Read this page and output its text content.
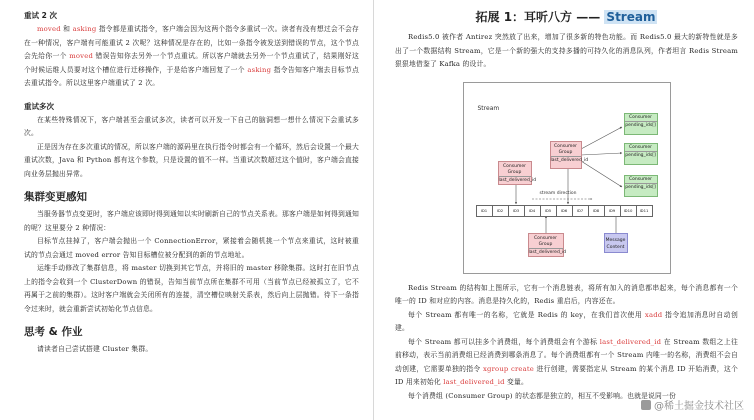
重试 2 次
moved 和 asking 指令都是重试指令，客户端会因为这两个指令多重试一次。读者有没有想过会不会存在一种情况，客户端有可能重试 2 次呢？这种情况是存在的，比如一条指令被发送到错误的节点，这个节点会先给你一个 moved 错误告知你去另外一个节点重试。所以客户端就去另外一个节点重试了，结果刚好这个时候运维人员要对这个槽位进行迁移操作，于是给客户端回复了一个 asking 指令告知客户端去目标节点去重试指令。所以这里客户端重试了 2 次。
重试多次
在某些特殊情况下，客户端甚至会重试多次，读者可以开发一下自己的脑洞想一想什么情况下会重试多次。
正是因为存在多次重试的情况，所以客户端的源码里在执行指令时都会有一个循环，然后会设置一个最大重试次数，Java 和 Python 都有这个参数，只是设置的值不一样。当重试次数超过这个值时，客户端会直接向业务层抛出异常。
集群变更感知
当服务器节点变更时，客户端应该即时得到通知以实时刷新自己的节点关系表。那客户端是如何得到通知的呢？这里要分 2 种情况：
目标节点挂掉了，客户端会抛出一个 ConnectionError，紧接着会随机挑一个节点来重试，这时被重试的节点会通过 moved error 告知目标槽位被分配到的新的节点地址。
运维手动修改了集群信息，将 master 切换到其它节点，并将旧的 master 移除集群。这时打在旧节点上的指令会收到一个 ClusterDown 的错误，告知当前节点所在集群不可用（当前节点已经被孤立了，它不再属于之前的集群）。这时客户端就会关闭所有的连接，清空槽位映射关系表，然后向上层抛错。待下一条指令过来时，就会重新尝试初始化节点信息。
思考 & 作业
请读者自己尝试搭建 Cluster 集群。
拓展 1：耳听八方 —— Stream
Redis5.0 被作者 Antirez 突然放了出来，增加了很多新的特色功能。而 Redis5.0 最大的新特性就是多出了一个数据结构 Stream，它是一个新的强大的支持多播的可持久化的消息队列，作者坦言 Redis Stream 狠狠地借鉴了 Kafka 的设计。
Stream
Consumer Group
last_delivered_id
Consumer Group
last_delivered_id
Consumer Group
last_delivered_id
Consumer
pending_ids[]
Consumer
pending_ids[]
Consumer
pending_ids[]
stream direction
ID1	ID2	ID3	ID4	ID5	ID6	ID7	ID8	ID9	ID10	ID11
Message Content
Redis Stream 的结构如上图所示，它有一个消息链表，将所有加入的消息都串起来，每个消息都有一个唯一的 ID 和对应的内容。消息是持久化的，Redis 重启后，内容还在。
每个 Stream 都有唯一的名称，它就是 Redis 的 key，在我们首次使用 xadd 指令追加消息时自动创建。
每个 Stream 都可以挂多个消费组，每个消费组会有个游标 last_delivered_id 在 Stream 数组之上往前移动，表示当前消费组已经消费到哪条消息了。每个消费组都有一个 Stream 内唯一的名称，消费组不会自动创建，它需要单独的指令 xgroup create 进行创建，需要指定从 Stream 的某个消息 ID 开始消费，这个 ID 用来初始化 last_delivered_id 变量。
每个消费组 (Consumer Group) 的状态都是独立的，相互不受影响。也就是说同一份
@稀土掘金技术社区
